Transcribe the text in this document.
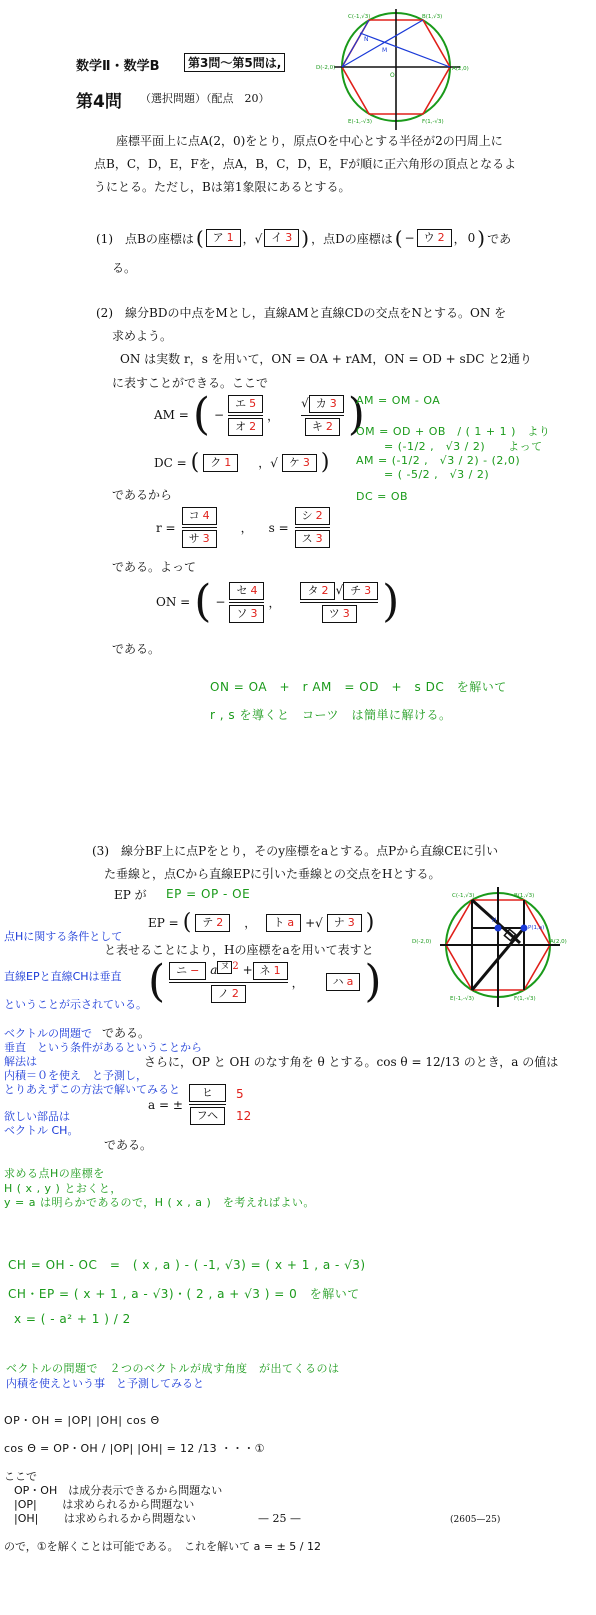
数学Ⅱ・数学B	第3問～第5問は,
第4問 （選択問題）（配点　20）
C(-1,√3)	B(1,√3)
D(-2,0)	A(2,0)
E(-1,-√3)	F(1,-√3)
N
M
O
座標平面上に点A(2，0)をとり，原点Oを中心とする半径が2の円周上に
点B，C，D，E，Fを，点A，B，C，D，E，Fが順に正六角形の頂点となるよ
うにとる。ただし，Bは第1象限にあるとする。
(1)　点Bの座標は ( ア 1 ，√ イ 3 ) ，点Dの座標は ( − ウ 2 ， 0 ) であ
る。
(2)　線分BDの中点をMとし，直線AMと直線CDの交点をNとする。ON を
求めよう。
ON は実数 r，s を用いて，ON = OA + rAM，ON = OD + sDC と2通り
に表すことができる。ここで
AM = ( − $\frac{\text{エ 5}}{\text{オ 2}}$ ， $\frac{\text{√ カ 3}}{\text{キ 2}}$ )
DC = (	ク 1	，√	ケ 3 )
AM = OM - OA
OM = OD + OB　/ ( 1 + 1 )　より
= (-1/2 ,　√3 / 2)　　よって
AM = (-1/2 ,　√3 / 2) - (2,0)
= ( -5/2 ,　√3 / 2)
DC = OB
であるから
$r = \frac{\text{コ 4}}{\text{サ 3}}$ ， $s = \frac{\text{シ 2}}{\text{ス 3}}$
である。よって
ON = ( − $\frac{\text{セ 4}}{\text{ソ 3}}$ ， $\frac{\text{タ 2 √ チ 3}}{\text{ツ 3}}$ )
である。
ON = OA　+　r AM　= OD　+　s DC　を解いて
r , s を導くと　コーツ　は簡単に解ける。
(3)　線分BF上に点Pをとり，そのy座標をaとする。点Pから直線CEに引い
た垂線と，点Cから直線EPに引いた垂線との交点をHとする。
H
P(1,a)
C(-1,√3)	B(1,√3)
D(-2,0)	A(2,0)
E(-1,-√3)	F(1,-√3)
EP が EP = OP - OE
EP = (	テ 2	，	ト a +√	ナ 3 )
点Hに関する条件として
と表せることにより，Hの座標をaを用いて表すと
直線EPと直線CHは垂直
ということが示されている。 ( $\frac{ニ - a ^{ヌ 2} + ネ 1}{\text{ノ 2}}$ ，	ハ a )
ベクトルの問題で である。
垂直　という条件があるということから
解法は
内積＝０を使え　と予測し，
とりあえずこの方法で解いてみると
欲しい部品は
ベクトル CH。
さらに，OP と OH のなす角を θ とする。cos θ = 12/13 のとき，a の値は
a = ± $\frac{\text{ヒ}}{\text{フヘ}} 5$
12
である。
求める点Hの座標を
H ( x , y ) とおくと，
y = a は明らかであるので，H ( x , a )　を考えればよい。
CH = OH - OC　=　( x , a ) - ( -1, √3) = ( x + 1 , a - √3)
CH・EP = ( x + 1 , a - √3)・( 2 , a + √3 ) = 0　を解いて
x = ( - a² + 1 ) / 2
ベクトルの問題で　２つのベクトルが成す角度　が出てくるのは
内積を使えという事　と予測してみると
OP・OH = |OP| |OH| cos Θ
cos Θ = OP・OH / |OP| |OH| = 12 /13 ・・・①
ここで
OP・OH　は成分表示できるから問題ない
|OP|　　 は求められるから問題ない
|OH|　　 は求められるから問題ない	— 25 —	(2605—25)
ので，①を解くことは可能である。　これを解いて a = ± 5 / 12
